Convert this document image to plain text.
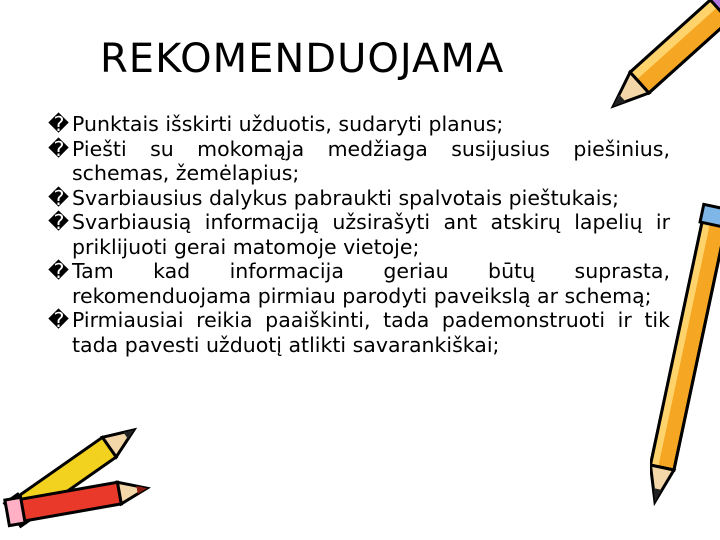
REKOMENDUOJAMA
� Punktais išskirti užduotis, sudaryti planus;
� Piešti su mokomąja medžiaga susijusius piešinius, schemas, žemėlapius;
� Svarbiausius dalykus pabraukti spalvotais pieštukais;
� Svarbiausią informaciją užsirašyti ant atskirų lapelių ir priklijuoti gerai matomoje vietoje;
� Tam kad informacija geriau būtų suprasta, rekomenduojama pirmiau parodyti paveikslą ar schemą;
� Pirmiausiai reikia paaiškinti, tada pademonstruoti ir tik tada pavesti užduotį atlikti savarankiškai;
